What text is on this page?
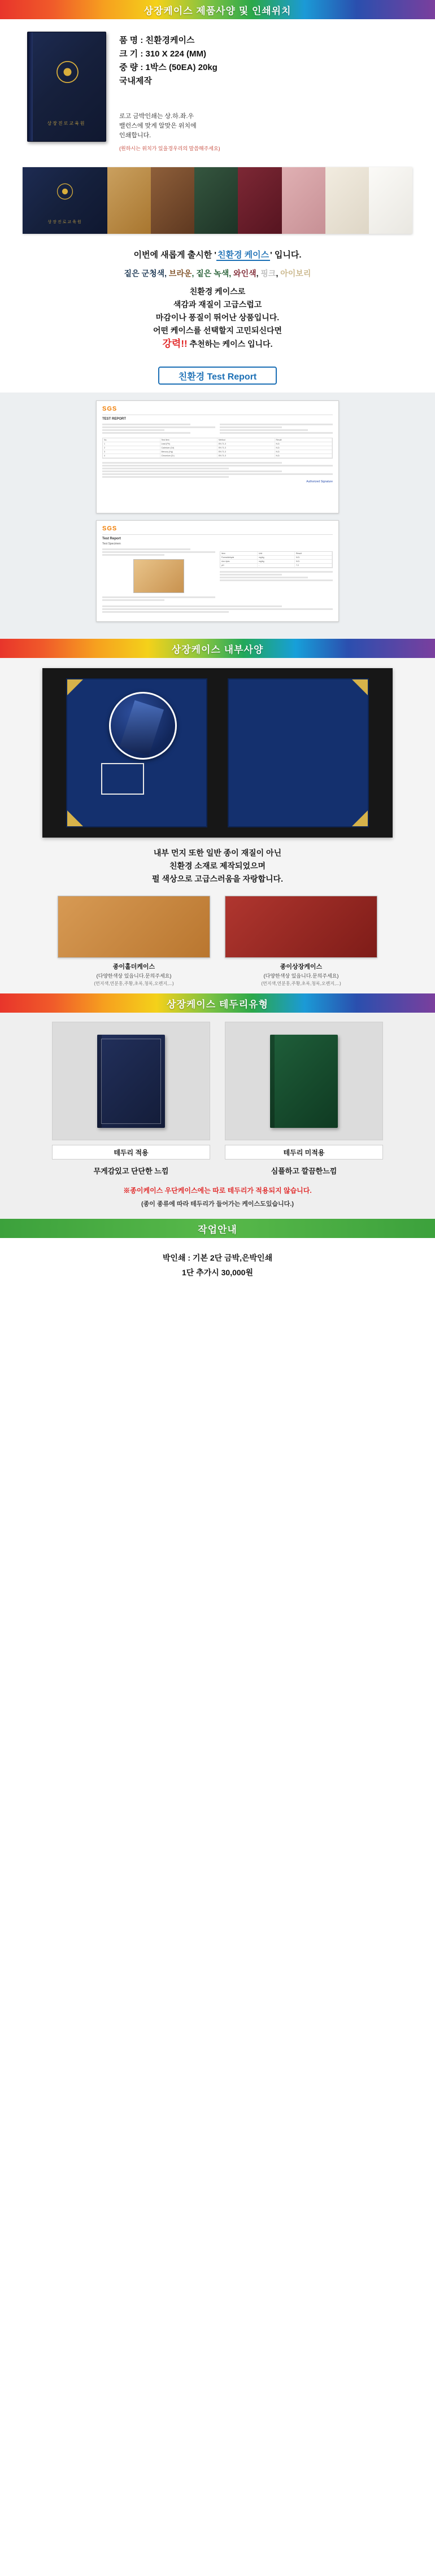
상장케이스 제품사양 및 인쇄위치
⦿
상장진로교육원
품 명 : 친환경케이스
크 기 : 310 X 224 (MM)
중 량 : 1박스 (50EA) 20kg
국내제작
로고 금박인쇄는 상.하.좌.우
밸런스에 맞게 알맞은 위치에
인쇄합니다.
(원하시는 위치가 있을경우리의 말씀해주세요)
⦿
상장진로교육원
이번에 새롭게 출시한 ' 친환경 케이스 ' 입니다.
짙은 군청색, 브라운, 짙은 녹색, 와인색, 핑크, 아이보리
친환경 케이스로
색감과 재질이 고급스럽고
마감이나 퐁질이 뛰어난 상품입니다.
어떤 케이스를 선택할지 고민되신다면
강력!! 추천하는 케이스 입니다.
친환경 Test Report
SGS
TEST REPORT
No.	Test Item	Method	Result
1	Lead (Pb)	EN 71-3	N.D.
2	Cadmium (Cd)	EN 71-3	N.D.
3	Mercury (Hg)	EN 71-3	N.D.
4	Chromium (Cr)	EN 71-3	N.D.
Authorized Signature
SGS
Test Report
Test Specimen
Item	Unit	Result
Formaldehyde	mg/kg	N.D.
Azo dyes	mg/kg	N.D.
pH	-	7.2
상장케이스 내부사양
내부 먼지 또한 일반 종이 재질이 아닌
친환경 소재로 제작되었으며
펄 색상으로 고급스러움을 자랑합니다.
종이홀더케이스
(다양한색상 있읍니다.문의주세요)
(먼지색,연분홍,주황,초록,청록,오렌지,...)
종이상장케이스
(다양한색상 있읍니다.문의주세요)
(먼지색,연분홍,주황,초록,청록,오렌지,...)
상장케이스 테두리유형
테두리 적용
무게감있고 단단한 느낌
테두리 미적용
심플하고 깔끔한느낌
※종이케이스 우단케이스에는 따로 테두리가 적용되지 않습니다.
(종이 종류에 따라 테두리가 들어가는 케이스도있습니다.)
작업안내
박인쇄 : 기본 2단 금박,은박인쇄
1단 추가시 30,000원
